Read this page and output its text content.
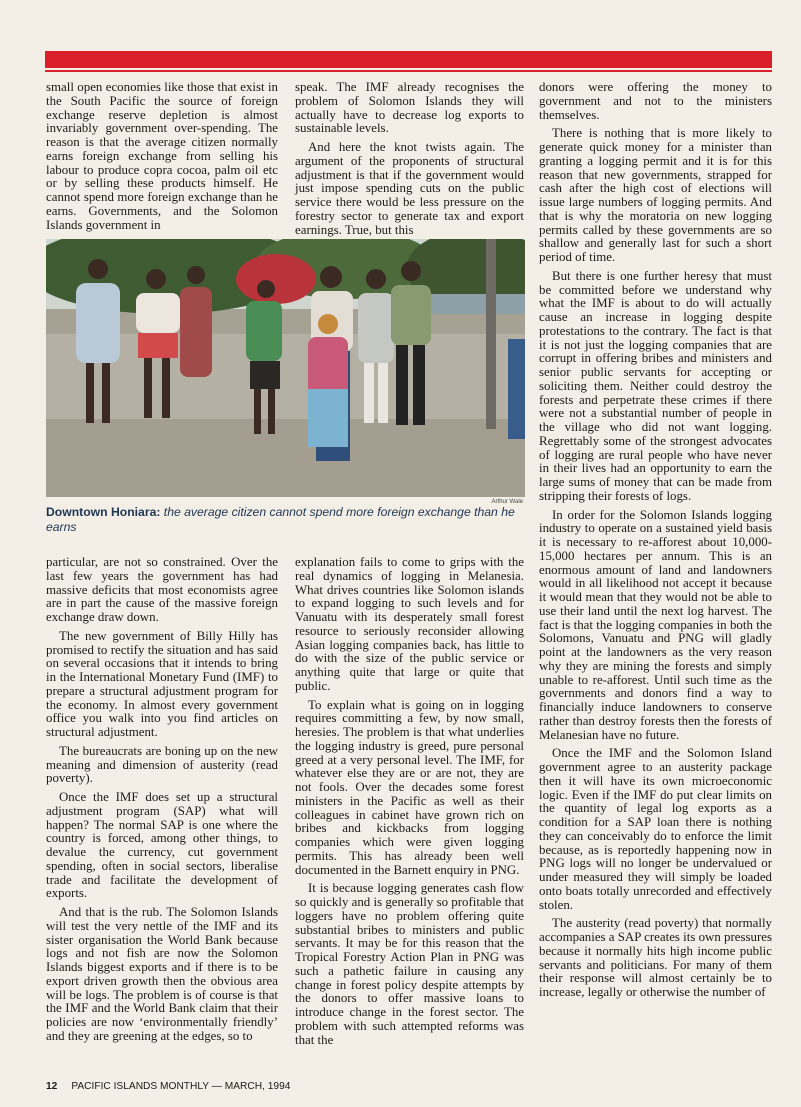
small open economies like those that exist in the South Pacific the source of foreign exchange reserve depletion is almost invariably government over-spending. The reason is that the average citizen normally earns foreign exchange from selling his labour to produce copra cocoa, palm oil etc or by selling these products himself. He cannot spend more foreign exchange than he earns. Governments, and the Solomon Islands government in

speak. The IMF already recognises the problem of Solomon Islands they will actually have to decrease log exports to sustainable levels.

And here the knot twists again. The argument of the proponents of structural adjustment is that if the government would just impose spending cuts on the public service there would be less pressure on the forestry sector to generate tax and export earnings. True, but this

Arthur Wale
Downtown Honiara: the average citizen cannot spend more foreign exchange than he earns

particular, are not so constrained. Over the last few years the government has had massive deficits that most economists agree are in part the cause of the massive foreign exchange draw down.

The new government of Billy Hilly has promised to rectify the situation and has said on several occasions that it intends to bring in the International Monetary Fund (IMF) to prepare a structural adjustment program for the economy. In almost every government office you walk into you find articles on structural adjustment.

The bureaucrats are boning up on the new meaning and dimension of austerity (read poverty).

Once the IMF does set up a structural adjustment program (SAP) what will happen? The normal SAP is one where the country is forced, among other things, to devalue the currency, cut government spending, often in social sectors, liberalise trade and facilitate the development of exports.

And that is the rub. The Solomon Islands will test the very nettle of the IMF and its sister organisation the World Bank because logs and not fish are now the Solomon Islands biggest exports and if there is to be export driven growth then the obvious area will be logs. The problem is of course is that the IMF and the World Bank claim that their policies are now ‘environmentally friendly’ and they are greening at the edges, so to

explanation fails to come to grips with the real dynamics of logging in Melanesia. What drives countries like Solomon islands to expand logging to such levels and for Vanuatu with its desperately small forest resource to seriously reconsider allowing Asian logging companies back, has little to do with the size of the public service or anything quite that large or quite that public.

To explain what is going on in logging requires committing a few, by now small, heresies. The problem is that what underlies the logging industry is greed, pure personal greed at a very personal level. The IMF, for whatever else they are or are not, they are not fools. Over the decades some forest ministers in the Pacific as well as their colleagues in cabinet have grown rich on bribes and kickbacks from logging companies which were given logging permits. This has already been well documented in the Barnett enquiry in PNG.

It is because logging generates cash flow so quickly and is generally so profitable that loggers have no problem offering quite substantial bribes to ministers and public servants. It may be for this reason that the Tropical Forestry Action Plan in PNG was such a pathetic failure in causing any change in forest policy despite attempts by the donors to offer massive loans to introduce change in the forest sector. The problem with such attempted reforms was that the

donors were offering the money to government and not to the ministers themselves.

There is nothing that is more likely to generate quick money for a minister than granting a logging permit and it is for this reason that new governments, strapped for cash after the high cost of elections will issue large numbers of logging permits. And that is why the moratoria on new logging permits called by these governments are so shallow and generally last for such a short period of time.

But there is one further heresy that must be committed before we understand why what the IMF is about to do will actually cause an increase in logging despite protestations to the contrary. The fact is that it is not just the logging companies that are corrupt in offering bribes and ministers and senior public servants for accepting or soliciting them. Neither could destroy the forests and perpetrate these crimes if there were not a substantial number of people in the village who did not want logging. Regrettably some of the strongest advocates of logging are rural people who have never in their lives had an opportunity to earn the large sums of money that can be made from stripping their forests of logs.

In order for the Solomon Islands logging industry to operate on a sustained yield basis it is necessary to re-afforest about 10,000-15,000 hectares per annum. This is an enormous amount of land and landowners would in all likelihood not accept it because it would mean that they would not be able to use their land until the next log harvest. The fact is that the logging companies in both the Solomons, Vanuatu and PNG will gladly point at the landowners as the very reason why they are mining the forests and simply unable to re-afforest. Until such time as the governments and donors find a way to financially induce landowners to conserve rather than destroy forests then the forests of Melanesian have no future.

Once the IMF and the Solomon Island government agree to an austerity package then it will have its own microeconomic logic. Even if the IMF do put clear limits on the quantity of legal log exports as a condition for a SAP loan there is nothing they can conceivably do to enforce the limit because, as is reportedly happening now in PNG logs will no longer be undervalued or under measured they will simply be loaded onto boats totally unrecorded and effectively stolen.

The austerity (read poverty) that normally accompanies a SAP creates its own pressures because it normally hits high income public servants and politicians. For many of them their response will almost certainly be to increase, legally or otherwise the number of

12 PACIFIC ISLANDS MONTHLY — MARCH, 1994
